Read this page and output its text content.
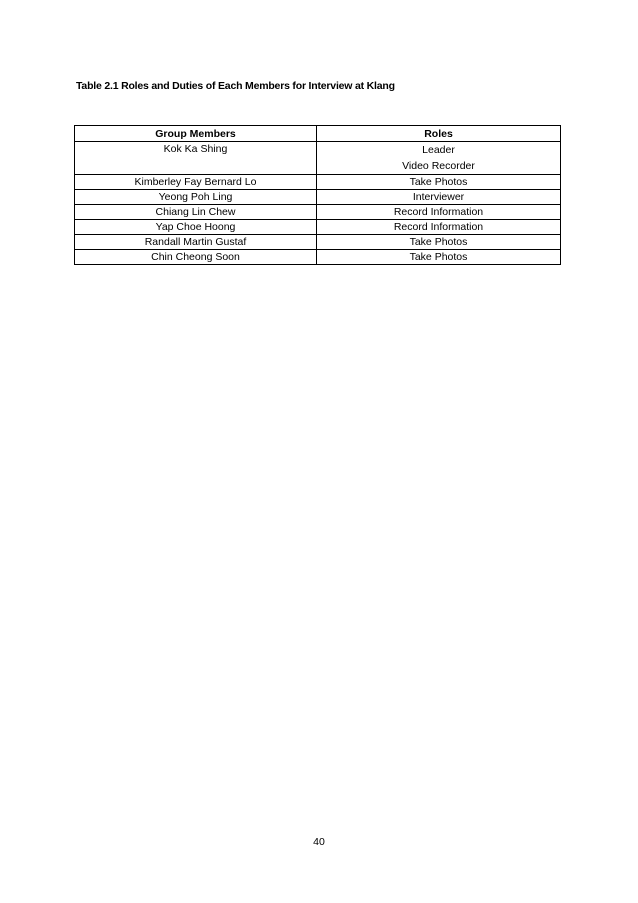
Table 2.1 Roles and Duties of Each Members for Interview at Klang
Group Members	Roles
Kok Ka Shing	Leader
Video Recorder

Kimberley Fay Bernard Lo	Take Photos
Yeong Poh Ling	Interviewer
Chiang Lin Chew	Record Information
Yap Choe Hoong	Record Information
Randall Martin Gustaf	Take Photos
Chin Cheong Soon	Take Photos
40
